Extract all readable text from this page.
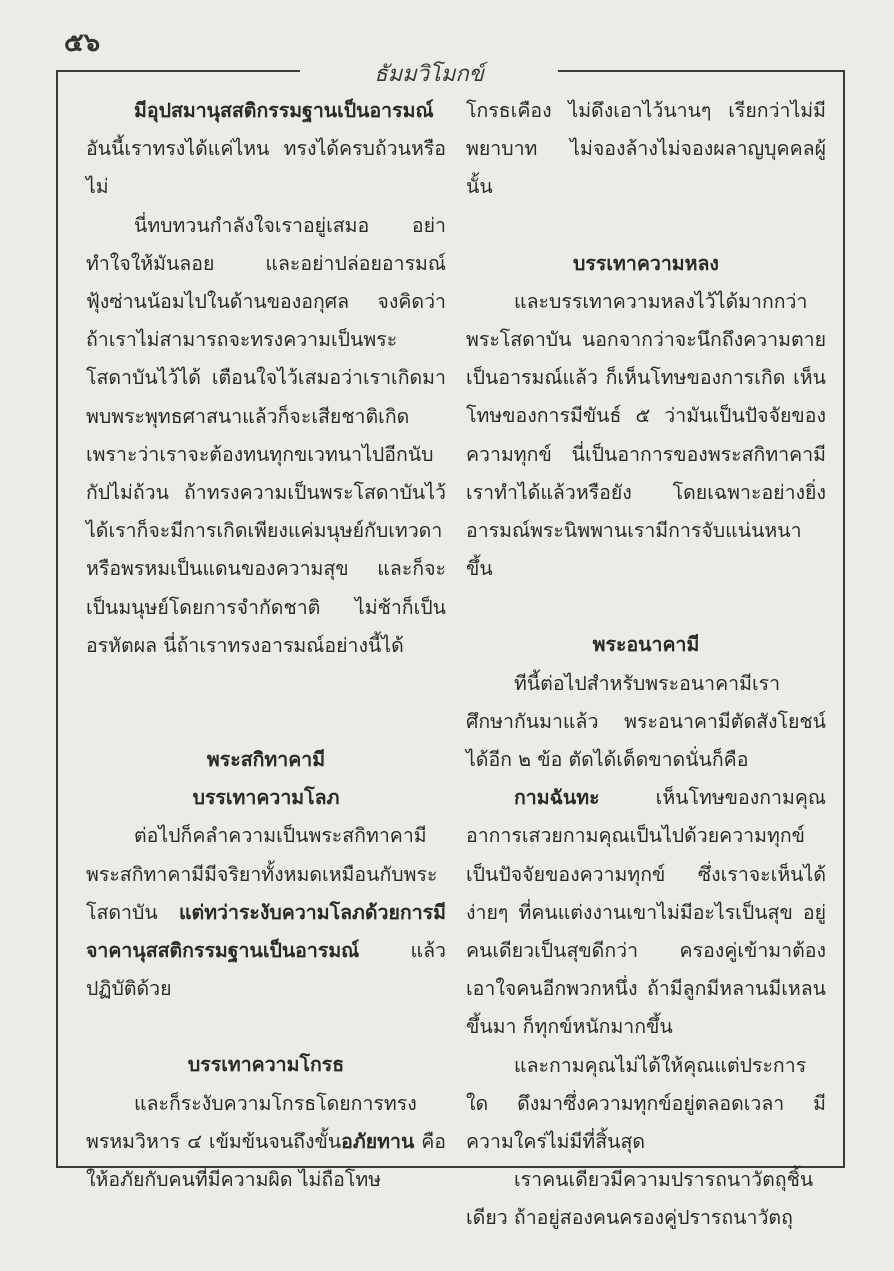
๕๖
ธัมมวิโมกข์

มีอุปสมานุสสติกรรมฐานเป็นอารมณ์ อันนี้เราทรงได้แค่ไหน ทรงได้ครบถ้วนหรือไม่

นี่ทบทวนกำลังใจเราอยู่เสมอ อย่าทำใจให้มันลอย และอย่าปล่อยอารมณ์ฟุ้งซ่านน้อมไปในด้านของอกุศล จงคิดว่าถ้าเราไม่สามารถจะทรงความเป็นพระโสดาบันไว้ได้ เตือนใจไว้เสมอว่าเราเกิดมาพบพระพุทธศาสนาแล้วก็จะเสียชาติเกิด เพราะว่าเราจะต้องทนทุกขเวทนาไปอีกนับกัปไม่ถ้วน ถ้าทรงความเป็นพระโสดาบันไว้ได้เราก็จะมีการเกิดเพียงแค่มนุษย์กับเทวดาหรือพรหมเป็นแดนของความสุข และก็จะเป็นมนุษย์โดยการจำกัดชาติ ไม่ช้าก็เป็นอรหัตผล นี่ถ้าเราทรงอารมณ์อย่างนี้ได้

พระสกิทาคามี

บรรเทาความโลภ

ต่อไปก็คลำความเป็นพระสกิทาคามี พระสกิทาคามีมีจริยาทั้งหมดเหมือนกับพระโสดาบัน แต่ทว่าระงับความโลภด้วยการมีจาคานุสสติกรรมฐานเป็นอารมณ์ แล้วปฏิบัติด้วย

บรรเทาความโกรธ

และก็ระงับความโกรธโดยการทรงพรหมวิหาร ๔ เข้มข้นจนถึงขั้นอภัยทาน คือให้อภัยกับคนที่มีความผิด ไม่ถือโทษ

โกรธเคือง ไม่ดึงเอาไว้นานๆ เรียกว่าไม่มีพยาบาท ไม่จองล้างไม่จองผลาญบุคคลผู้นั้น

บรรเทาความหลง

และบรรเทาความหลงไว้ได้มากกว่าพระโสดาบัน นอกจากว่าจะนึกถึงความตายเป็นอารมณ์แล้ว ก็เห็นโทษของการเกิด เห็นโทษของการมีขันธ์ ๕ ว่ามันเป็นปัจจัยของความทุกข์ นี่เป็นอาการของพระสกิทาคามีเราทำได้แล้วหรือยัง โดยเฉพาะอย่างยิ่งอารมณ์พระนิพพานเรามีการจับแน่นหนาขึ้น

พระอนาคามี

ทีนี้ต่อไปสำหรับพระอนาคามีเราศึกษากันมาแล้ว พระอนาคามีตัดสังโยชน์ได้อีก ๒ ข้อ ตัดได้เด็ดขาดนั่นก็คือ

กามฉันทะ เห็นโทษของกามคุณ อาการเสวยกามคุณเป็นไปด้วยความทุกข์เป็นปัจจัยของความทุกข์ ซึ่งเราจะเห็นได้ง่ายๆ ที่คนแต่งงานเขาไม่มีอะไรเป็นสุข อยู่คนเดียวเป็นสุขดีกว่า ครองคู่เข้ามาต้องเอาใจคนอีกพวกหนึ่ง ถ้ามีลูกมีหลานมีเหลนขึ้นมา ก็ทุกข์หนักมากขึ้น

และกามคุณไม่ได้ให้คุณแต่ประการใด ดึงมาซึ่งความทุกข์อยู่ตลอดเวลา มีความใคร่ไม่มีที่สิ้นสุด

เราคนเดียวมีความปรารถนาวัตถุชิ้นเดียว ถ้าอยู่สองคนครองคู่ปรารถนาวัตถุ
